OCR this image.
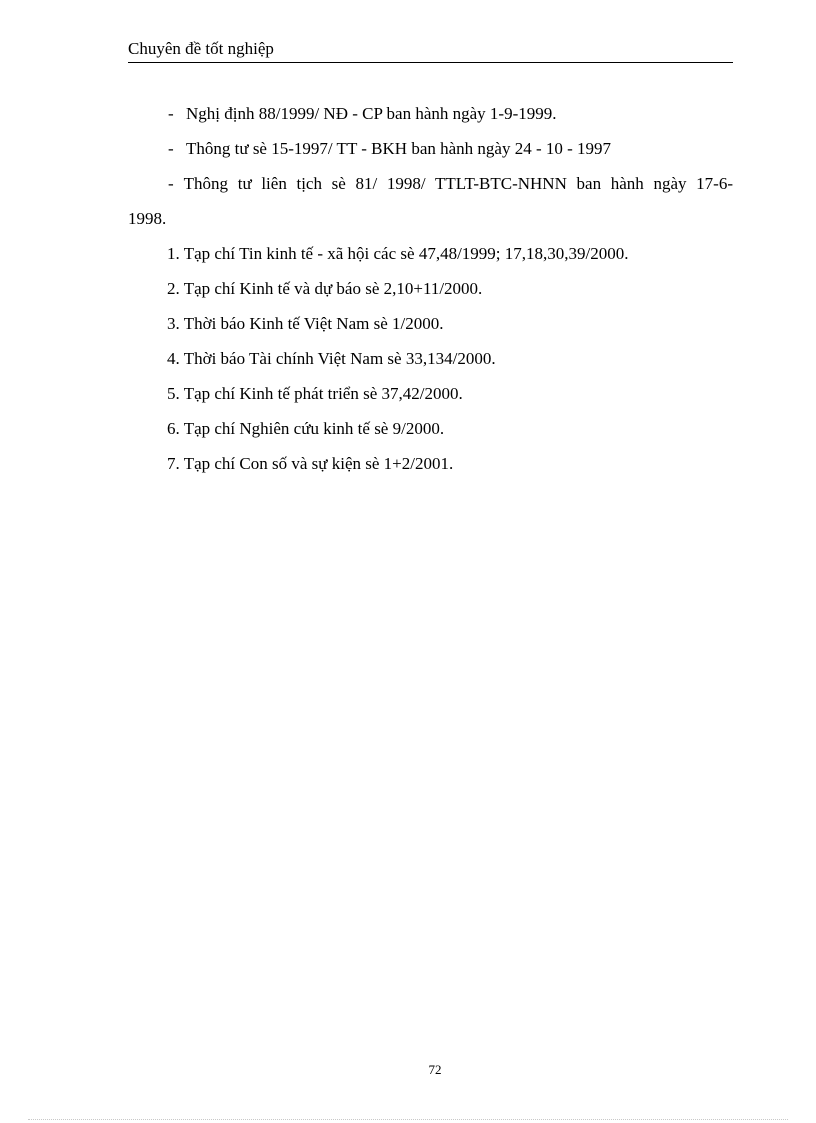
Chuyên đề tốt nghiệp
- Nghị định 88/1999/ NĐ - CP ban hành ngày 1-9-1999.
- Thông tư sè 15-1997/ TT - BKH ban hành ngày 24 - 10 - 1997
- Thông tư liên tịch sè 81/ 1998/ TTLT-BTC-NHNN ban hành ngày 17-6-
1998.
1. Tạp chí Tin kinh tế - xã hội các sè 47,48/1999; 17,18,30,39/2000.
2. Tạp chí Kinh tế và dự báo sè 2,10+11/2000.
3. Thời báo Kinh tế Việt Nam sè 1/2000.
4. Thời báo Tài chính Việt Nam sè 33,134/2000.
5. Tạp chí Kinh tế phát triển sè 37,42/2000.
6. Tạp chí Nghiên cứu kinh tế sè 9/2000.
7. Tạp chí Con số và sự kiện sè 1+2/2001.
72
